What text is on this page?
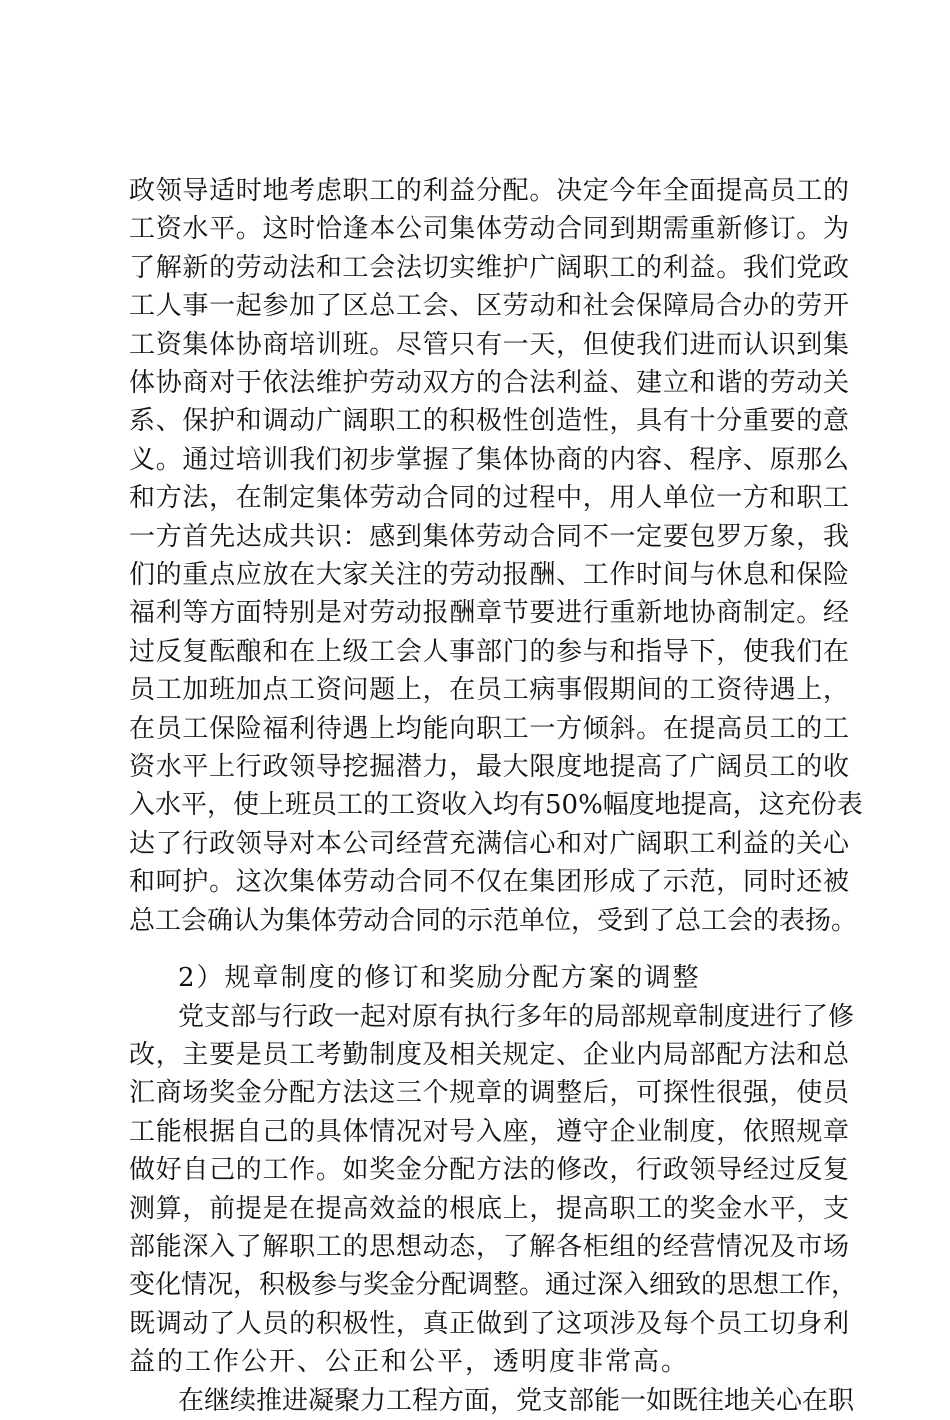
政领导适时地考虑职工的利益分配。决定今年全面提高员工的
工资水平。这时恰逢本公司集体劳动合同到期需重新修订。为
了解新的劳动法和工会法切实维护广阔职工的利益。我们党政
工人事一起参加了区总工会、区劳动和社会保障局合办的劳开
工资集体协商培训班。尽管只有一天，但使我们进而认识到集
体协商对于依法维护劳动双方的合法利益、建立和谐的劳动关
系、保护和调动广阔职工的积极性创造性，具有十分重要的意
义。通过培训我们初步掌握了集体协商的内容、程序、原那么
和方法，在制定集体劳动合同的过程中，用人单位一方和职工
一方首先达成共识：感到集体劳动合同不一定要包罗万象，我
们的重点应放在大家关注的劳动报酬、工作时间与休息和保险
福利等方面特别是对劳动报酬章节要进行重新地协商制定。经
过反复酝酿和在上级工会人事部门的参与和指导下，使我们在
员工加班加点工资问题上，在员工病事假期间的工资待遇上，
在员工保险福利待遇上均能向职工一方倾斜。在提高员工的工
资水平上行政领导挖掘潜力，最大限度地提高了广阔员工的收
入水平，使上班员工的工资收入均有50%幅度地提高，这充份表
达了行政领导对本公司经营充满信心和对广阔职工利益的关心
和呵护。这次集体劳动合同不仅在集团形成了示范，同时还被
总工会确认为集体劳动合同的示范单位，受到了总工会的表扬。
2）规章制度的修订和奖励分配方案的调整
党支部与行政一起对原有执行多年的局部规章制度进行了修
改，主要是员工考勤制度及相关规定、企业内局部配方法和总
汇商场奖金分配方法这三个规章的调整后，可探性很强，使员
工能根据自己的具体情况对号入座，遵守企业制度，依照规章
做好自己的工作。如奖金分配方法的修改，行政领导经过反复
测算，前提是在提高效益的根底上，提高职工的奖金水平，支
部能深入了解职工的思想动态，了解各柜组的经营情况及市场
变化情况，积极参与奖金分配调整。通过深入细致的思想工作，
既调动了人员的积极性，真正做到了这项涉及每个员工切身利
益的工作公开、公正和公平，透明度非常高。
在继续推进凝聚力工程方面，党支部能一如既往地关心在职
